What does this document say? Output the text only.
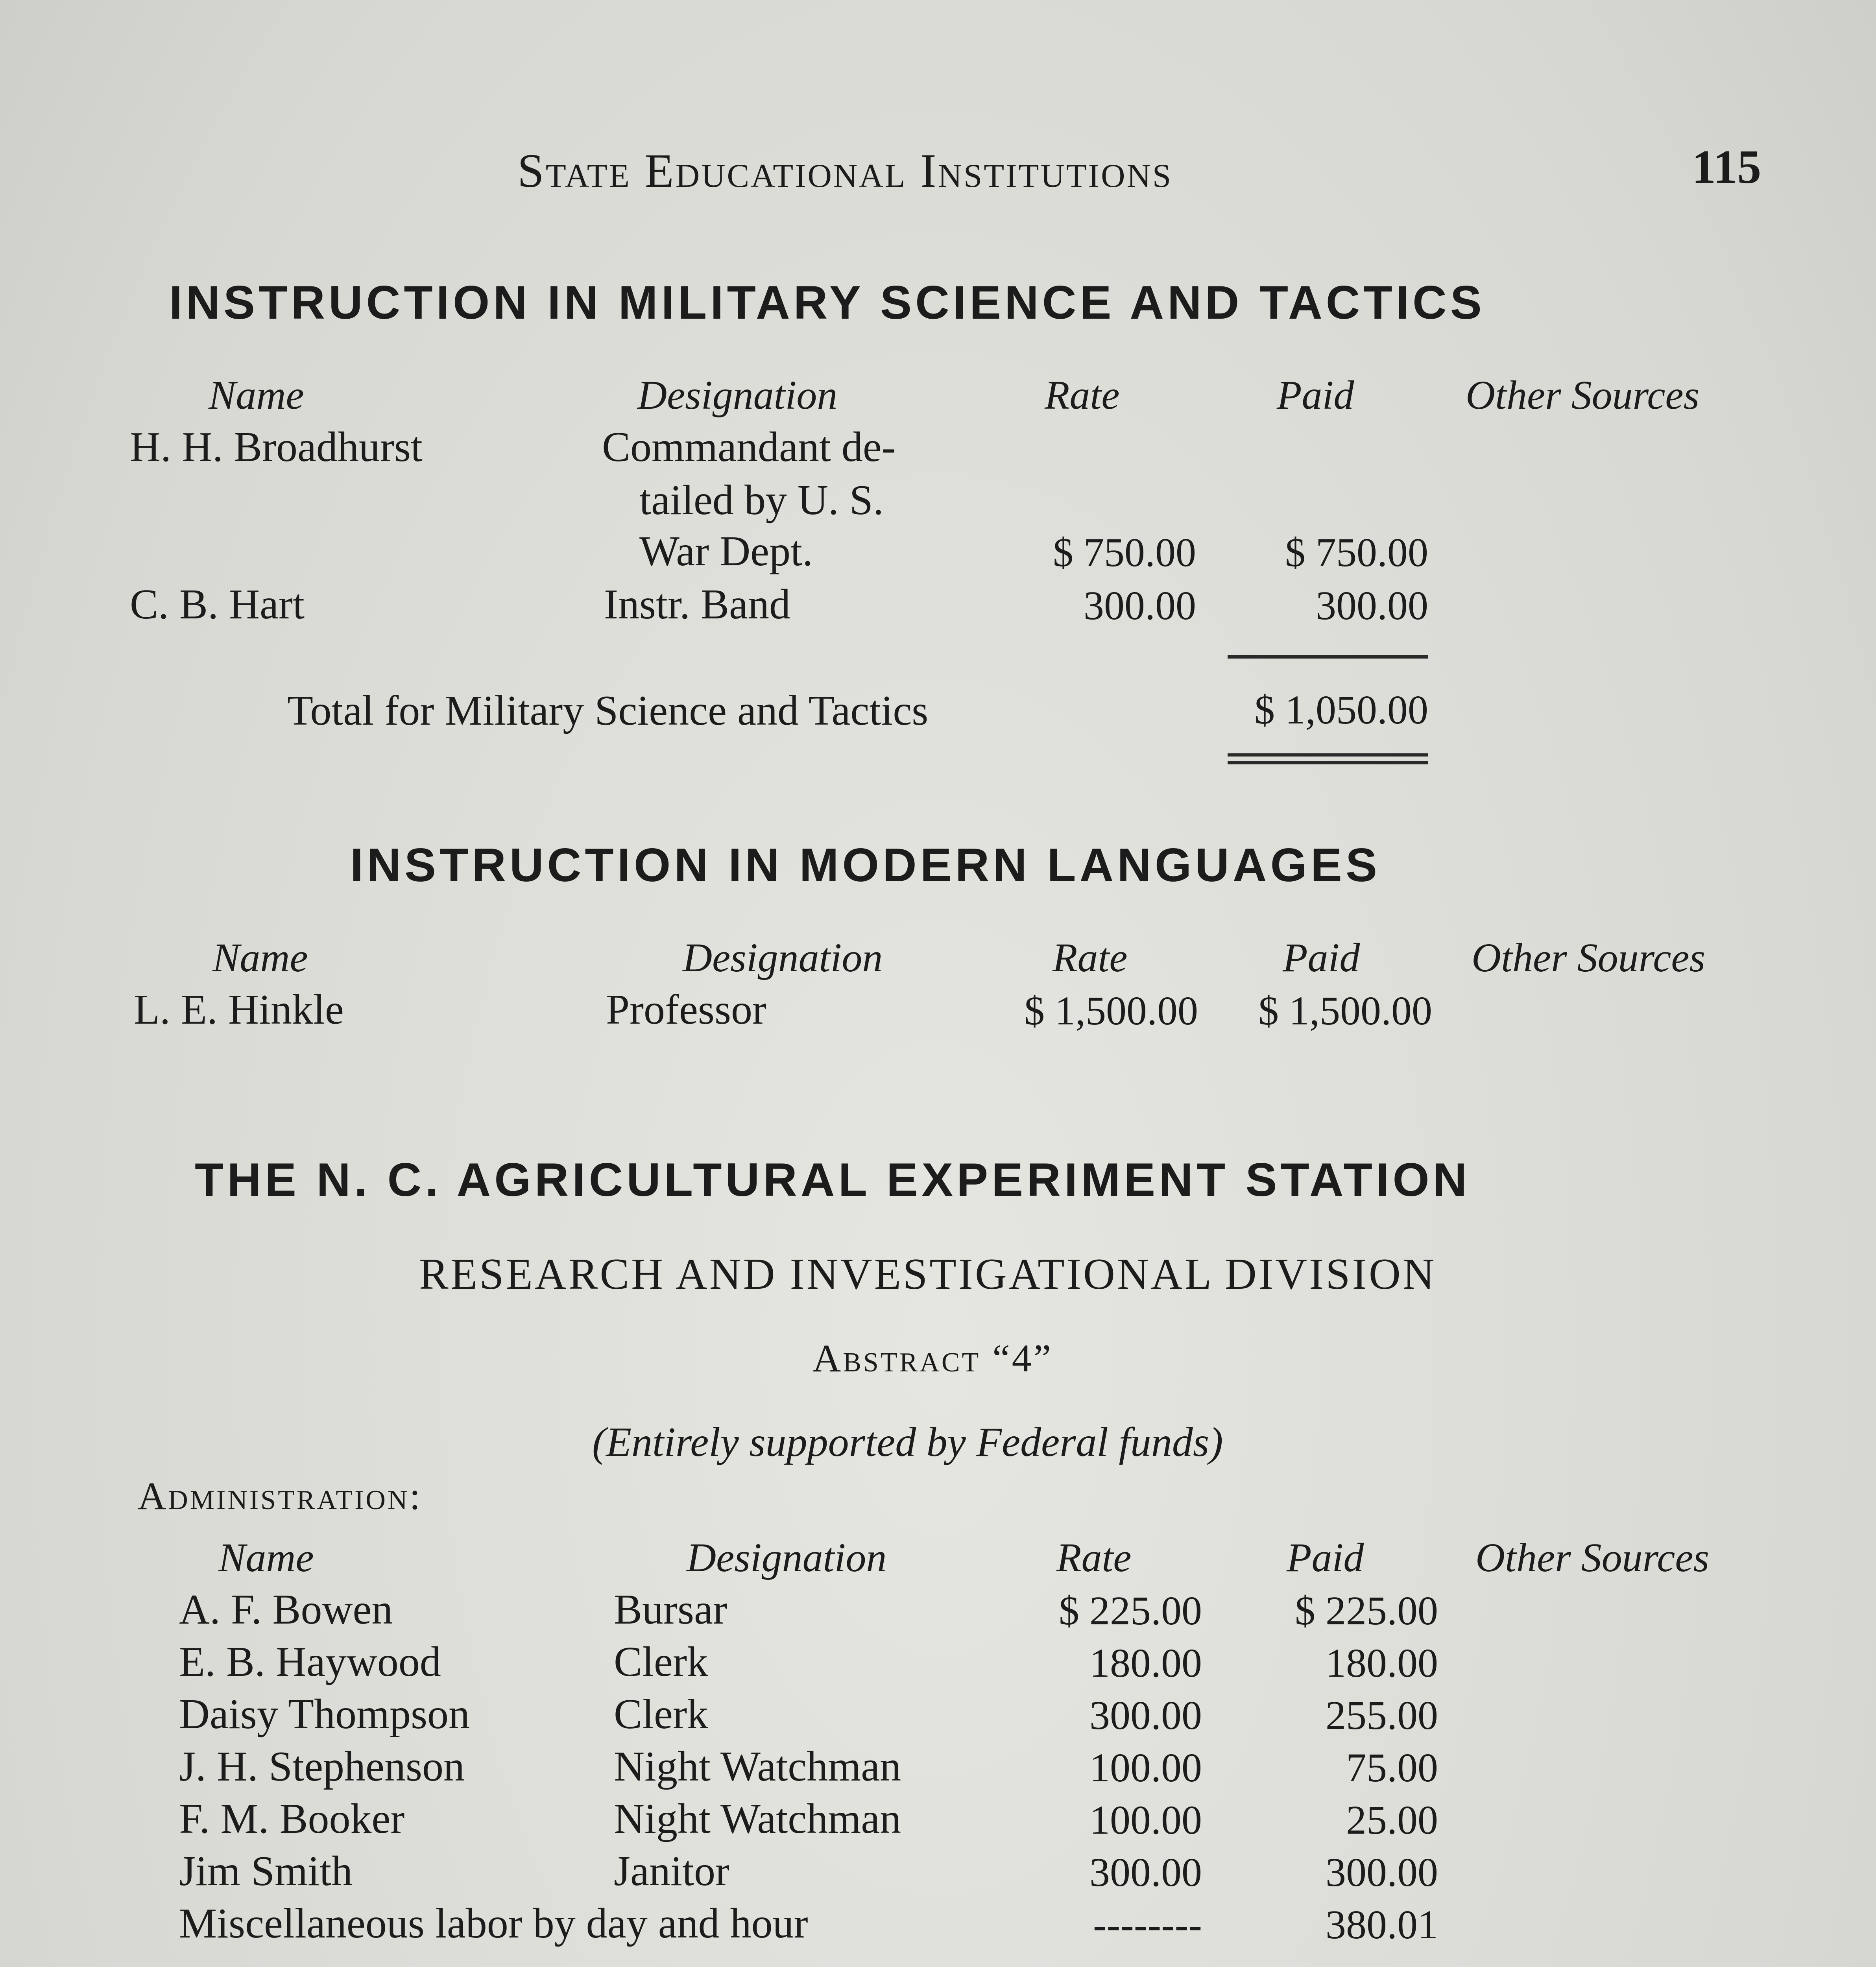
State Educational Institutions	115
INSTRUCTION IN MILITARY SCIENCE AND TACTICS
Name	Designation	Rate	Paid	Other Sources
H. H. Broadhurst	Commandant de-
tailed by U. S.
War Dept.	$ 750.00	$ 750.00
C. B. Hart	Instr. Band	300.00	300.00
Total for Military Science and Tactics	$ 1,050.00
INSTRUCTION IN MODERN LANGUAGES
Name	Designation	Rate	Paid	Other Sources
L. E. Hinkle	Professor	$ 1,500.00	$ 1,500.00
THE N. C. AGRICULTURAL EXPERIMENT STATION
RESEARCH AND INVESTIGATIONAL DIVISION
Abstract “4”
(Entirely supported by Federal funds)
Administration:
Name	Designation	Rate	Paid	Other Sources
A. F. Bowen	Bursar	$ 225.00	$ 225.00
E. B. Haywood	Clerk	180.00	180.00
Daisy Thompson	Clerk	300.00	255.00
J. H. Stephenson	Night Watchman	100.00	75.00
F. M. Booker	Night Watchman	100.00	25.00
Jim Smith	Janitor	300.00	300.00
Miscellaneous labor by day and hour	--------	380.01
